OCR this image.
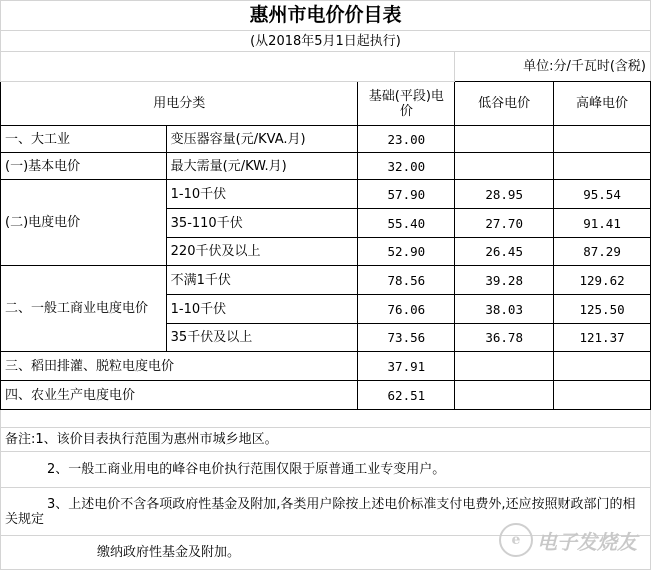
惠州市电价价目表				
(从2018年5月1日起执行)				
			单位:分/千瓦时(含税)	
用电分类		基础(平段)电价	低谷电价	高峰电价
一、大工业	变压器容量(元/KVA.月)	23.00		
(一)基本电价	最大需量(元/KW.月)	32.00		
(二)电度电价	1-10千伏	57.90	28.95	95.54
	35-110千伏	55.40	27.70	91.41
	220千伏及以上	52.90	26.45	87.29
二、一般工商业电度电价	不满1千伏	78.56	39.28	129.62
	1-10千伏	76.06	38.03	125.50
	35千伏及以上	73.56	36.78	121.37
三、稻田排灌、脱粒电度电价		37.91		
四、农业生产电度电价		62.51		

备注:1、该价目表执行范围为惠州市城乡地区。				
2、一般工商业用电的峰谷电价执行范围仅限于原普通工业专变用户。				
3、上述电价不含各项政府性基金及附加,各类用户除按上述电价标准支付电费外,还应按照财政部门的相关规定				
缴纳政府性基金及附加。				
e 电子发烧友
